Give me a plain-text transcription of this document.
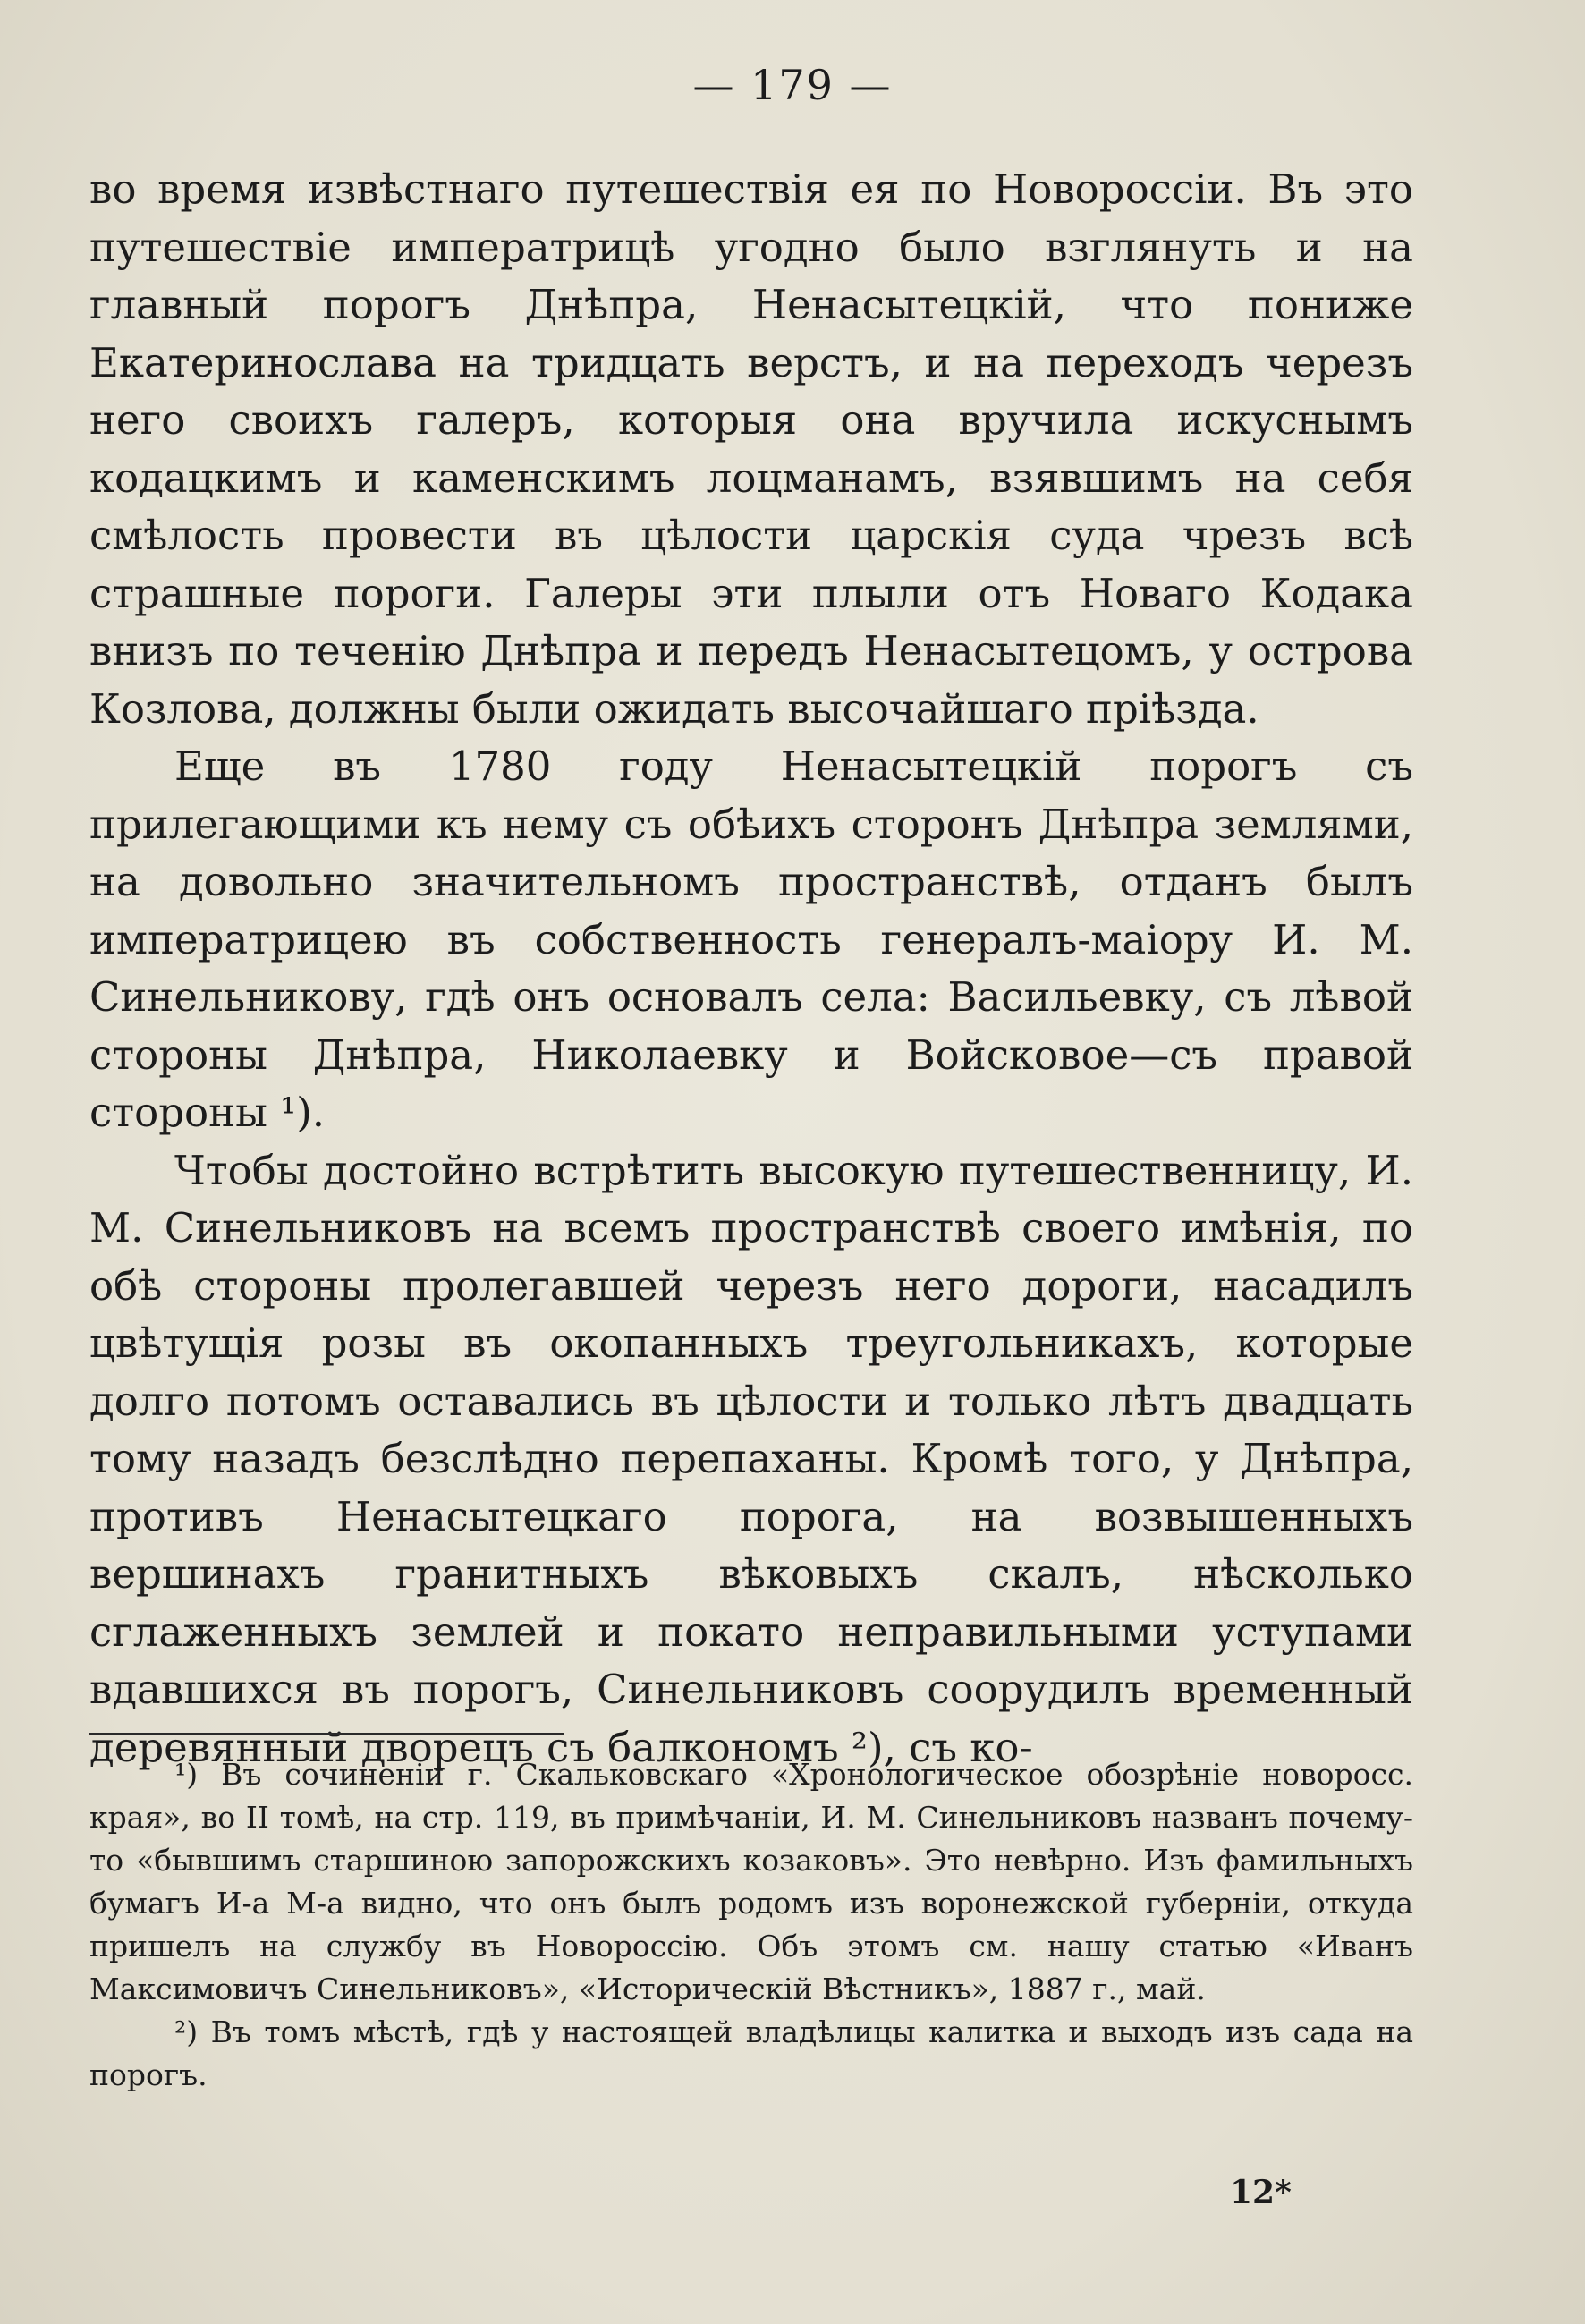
— 179 —

во время извѣстнаго путешествія ея по Новороссіи. Въ это путешествіе императрицѣ угодно было взглянуть и на главный порогъ Днѣпра, Ненасытецкій, что пониже Екатеринослава на тридцать верстъ, и на переходъ черезъ него своихъ галеръ, которыя она вручила искуснымъ кодацкимъ и каменскимъ лоцманамъ, взявшимъ на себя смѣлость провести въ цѣлости царскія суда чрезъ всѣ страшные пороги. Галеры эти плыли отъ Новаго Кодака внизъ по теченію Днѣпра и передъ Ненасытецомъ, у острова Козлова, должны были ожидать высочайшаго пріѣзда.

Еще въ 1780 году Ненасытецкій порогъ съ прилегающими къ нему съ обѣихъ сторонъ Днѣпра землями, на довольно значительномъ пространствѣ, отданъ былъ императрицею въ собственность генералъ-маіору И. М. Синельникову, гдѣ онъ основалъ села: Васильевку, съ лѣвой стороны Днѣпра, Николаевку и Войсковое—съ правой стороны ¹).

Чтобы достойно встрѣтить высокую путешественницу, И. М. Синельниковъ на всемъ пространствѣ своего имѣнія, по обѣ стороны пролегавшей черезъ него дороги, насадилъ цвѣтущія розы въ окопанныхъ треугольникахъ, которые долго потомъ оставались въ цѣлости и только лѣтъ двадцать тому назадъ безслѣдно перепаханы. Кромѣ того, у Днѣпра, противъ Ненасытецкаго порога, на возвышенныхъ вершинахъ гранитныхъ вѣковыхъ скалъ, нѣсколько сглаженныхъ землей и покато неправильными уступами вдавшихся въ порогъ, Синельниковъ соорудилъ временный деревянный дворецъ съ балкономъ ²), съ ко-

¹) Въ сочиненіи г. Скальковскаго «Хронологическое обозрѣніе новоросс. края», во II томѣ, на стр. 119, въ примѣчаніи, И. М. Синельниковъ названъ почему-то «бывшимъ старшиною запорожскихъ козаковъ». Это невѣрно. Изъ фамильныхъ бумагъ И-а М-а видно, что онъ былъ родомъ изъ воронежской губерніи, откуда пришелъ на службу въ Новороссію. Объ этомъ см. нашу статью «Иванъ Максимовичъ Синельниковъ», «Историческій Вѣстникъ», 1887 г., май.

²) Въ томъ мѣстѣ, гдѣ у настоящей владѣлицы калитка и выходъ изъ сада на порогъ.

12*
